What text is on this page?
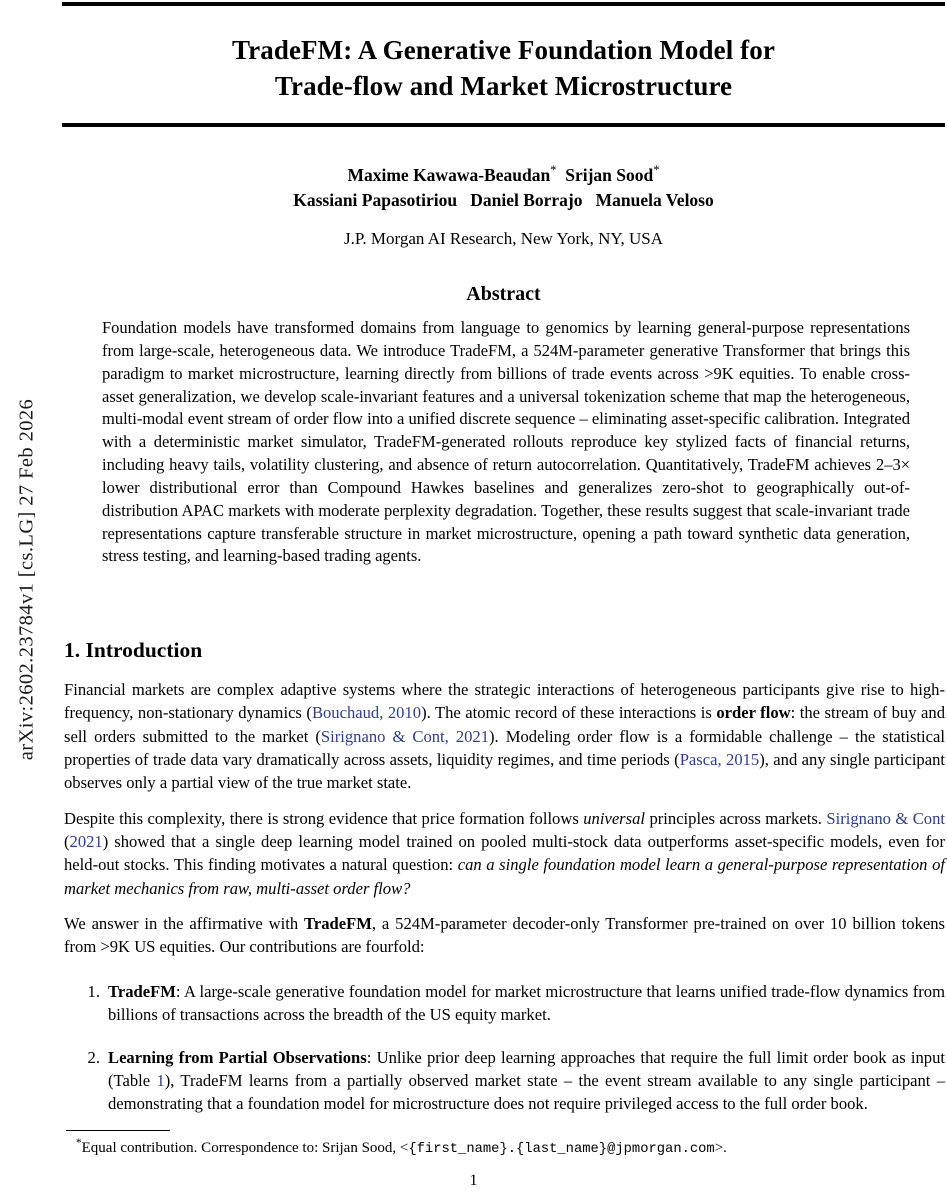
arXiv:2602.23784v1 [cs.LG] 27 Feb 2026
TradeFM: A Generative Foundation Model for
Trade-flow and Market Microstructure
Maxime Kawawa-Beaudan*  Srijan Sood*
Kassiani Papasotiriou   Daniel Borrajo   Manuela Veloso
J.P. Morgan AI Research, New York, NY, USA
Abstract
Foundation models have transformed domains from language to genomics by learning general-purpose representations from large-scale, heterogeneous data. We introduce TradeFM, a 524M-parameter generative Transformer that brings this paradigm to market microstructure, learning directly from billions of trade events across >9K equities. To enable cross-asset generalization, we develop scale-invariant features and a universal tokenization scheme that map the heterogeneous, multi-modal event stream of order flow into a unified discrete sequence – eliminating asset-specific calibration. Integrated with a deterministic market simulator, TradeFM-generated rollouts reproduce key stylized facts of financial returns, including heavy tails, volatility clustering, and absence of return autocorrelation. Quantitatively, TradeFM achieves 2–3× lower distributional error than Compound Hawkes baselines and generalizes zero-shot to geographically out-of-distribution APAC markets with moderate perplexity degradation. Together, these results suggest that scale-invariant trade representations capture transferable structure in market microstructure, opening a path toward synthetic data generation, stress testing, and learning-based trading agents.
1. Introduction

Financial markets are complex adaptive systems where the strategic interactions of heterogeneous participants give rise to high-frequency, non-stationary dynamics (Bouchaud, 2010). The atomic record of these interactions is order flow: the stream of buy and sell orders submitted to the market (Sirignano & Cont, 2021). Modeling order flow is a formidable challenge – the statistical properties of trade data vary dramatically across assets, liquidity regimes, and time periods (Pasca, 2015), and any single participant observes only a partial view of the true market state.

Despite this complexity, there is strong evidence that price formation follows universal principles across markets. Sirignano & Cont (2021) showed that a single deep learning model trained on pooled multi-stock data outperforms asset-specific models, even for held-out stocks. This finding motivates a natural question: can a single foundation model learn a general-purpose representation of market mechanics from raw, multi-asset order flow?

We answer in the affirmative with TradeFM, a 524M-parameter decoder-only Transformer pre-trained on over 10 billion tokens from >9K US equities. Our contributions are fourfold:

1. TradeFM: A large-scale generative foundation model for market microstructure that learns unified trade-flow dynamics from billions of transactions across the breadth of the US equity market.
2. Learning from Partial Observations: Unlike prior deep learning approaches that require the full limit order book as input (Table 1), TradeFM learns from a partially observed market state – the event stream available to any single participant – demonstrating that a foundation model for microstructure does not require privileged access to the full order book.
*Equal contribution. Correspondence to: Srijan Sood, <{first_name}.{last_name}@jpmorgan.com>.
1
